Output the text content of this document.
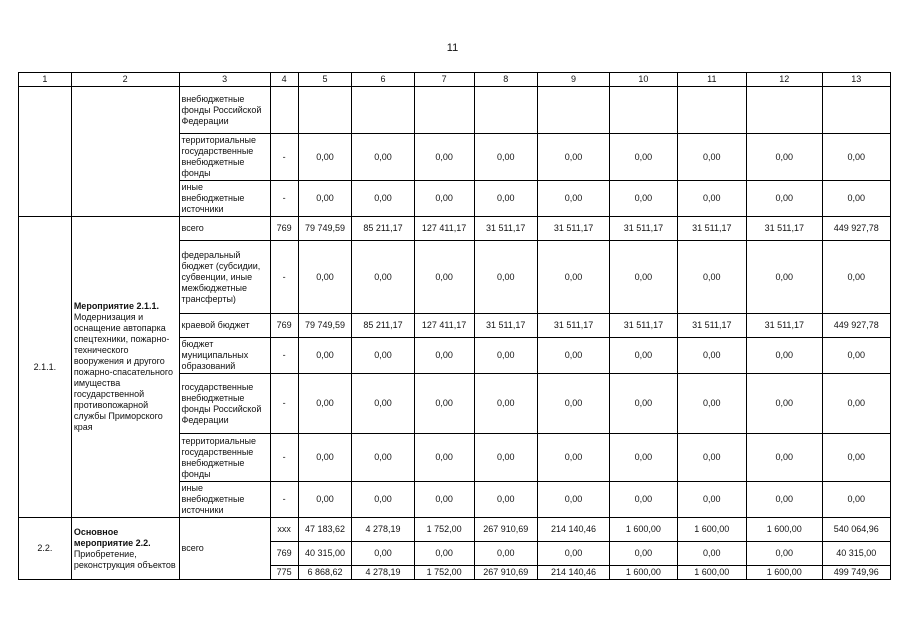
11
1	2	3	4	5	6	7	8	9	10	11	12	13
		внебюджетные фонды Российской Федерации										
		территориальные государственные внебюджетные фонды	-	0,00	0,00	0,00	0,00	0,00	0,00	0,00	0,00	0,00
		иные внебюджетные источники	-	0,00	0,00	0,00	0,00	0,00	0,00	0,00	0,00	0,00
2.1.1.	Мероприятие 2.1.1.
Модернизация и оснащение автопарка спецтехники, пожарно-технического вооружения и другого пожарно-спасательного имущества государственной противопожарной службы Приморского края	всего	769	79 749,59	85 211,17	127 411,17	31 511,17	31 511,17	31 511,17	31 511,17	31 511,17	449 927,78
		федеральный бюджет (субсидии, субвенции, иные межбюджетные трансферты)	-	0,00	0,00	0,00	0,00	0,00	0,00	0,00	0,00	0,00
		краевой бюджет	769	79 749,59	85 211,17	127 411,17	31 511,17	31 511,17	31 511,17	31 511,17	31 511,17	449 927,78
		бюджет муниципальных образований	-	0,00	0,00	0,00	0,00	0,00	0,00	0,00	0,00	0,00
		государственные внебюджетные фонды Российской Федерации	-	0,00	0,00	0,00	0,00	0,00	0,00	0,00	0,00	0,00
		территориальные государственные внебюджетные фонды	-	0,00	0,00	0,00	0,00	0,00	0,00	0,00	0,00	0,00
		иные внебюджетные источники	-	0,00	0,00	0,00	0,00	0,00	0,00	0,00	0,00	0,00
2.2.	Основное мероприятие 2.2.
Приобретение, реконструкция объектов	всего	xxx	47 183,62	4 278,19	1 752,00	267 910,69	214 140,46	1 600,00	1 600,00	1 600,00	540 064,96
			769	40 315,00	0,00	0,00	0,00	0,00	0,00	0,00	0,00	40 315,00
			775	6 868,62	4 278,19	1 752,00	267 910,69	214 140,46	1 600,00	1 600,00	1 600,00	499 749,96
